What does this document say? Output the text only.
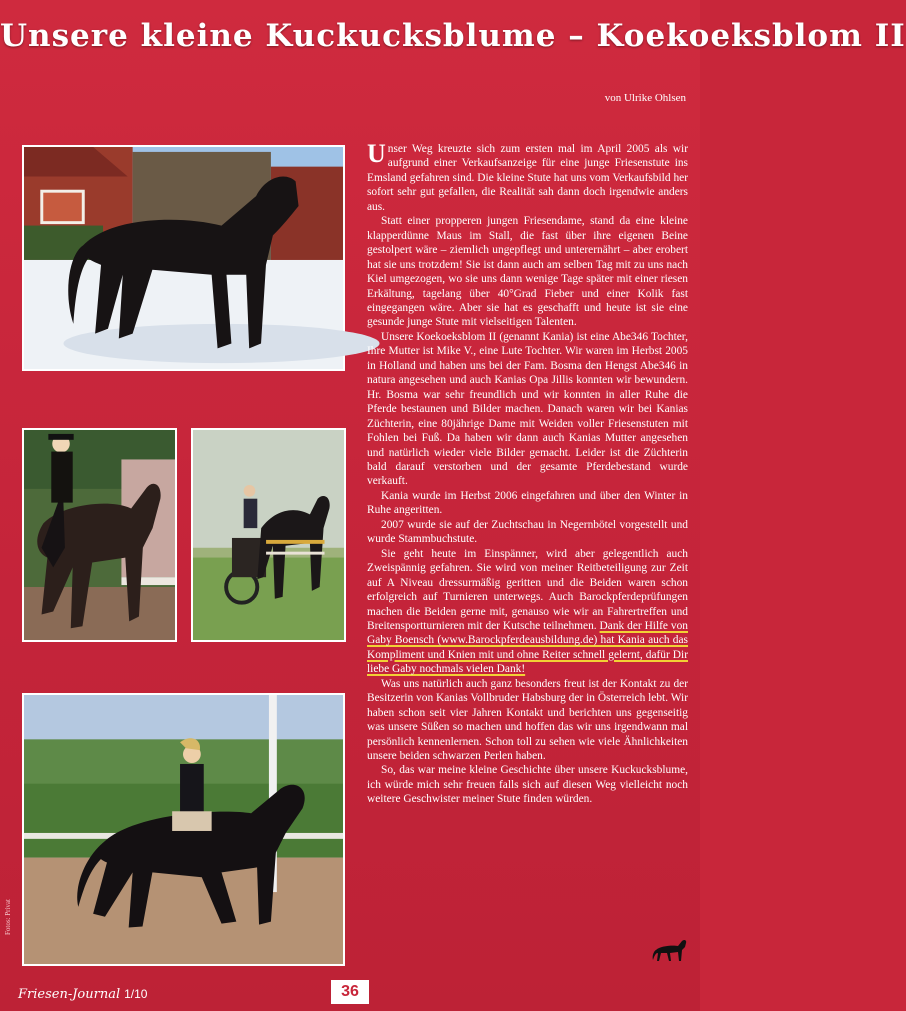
Unsere kleine Kuckucksblume – Koekoeksblom II
von Ulrike Ohlsen
Fotos: Privat

Unser Weg kreuzte sich zum ersten mal im April 2005 als wir aufgrund einer Verkaufsanzeige für eine junge Friesenstute ins Emsland gefahren sind. Die kleine Stute hat uns vom Verkaufsbild her sofort sehr gut gefallen, die Realität sah dann doch irgendwie anders aus.

Statt einer propperen jungen Friesendame, stand da eine kleine klapperdünne Maus im Stall, die fast über ihre eigenen Beine gestolpert wäre – ziemlich ungepflegt und unterernährt – aber erobert hat sie uns trotzdem! Sie ist dann auch am selben Tag mit zu uns nach Kiel umgezogen, wo sie uns dann wenige Tage später mit einer riesen Erkältung, tagelang über 40°Grad Fieber und einer Kolik fast eingegangen wäre. Aber sie hat es geschafft und heute ist sie eine gesunde junge Stute mit vielseitigen Talenten.

Unsere Koekoeksblom II (genannt Kania) ist eine Abe346 Tochter, Ihre Mutter ist Mike V., eine Lute Tochter. Wir waren im Herbst 2005 in Holland und haben uns bei der Fam. Bosma den Hengst Abe346 in natura angesehen und auch Kanias Opa Jillis konnten wir bewundern. Hr. Bosma war sehr freundlich und wir konnten in aller Ruhe die Pferde bestaunen und Bilder machen. Danach waren wir bei Kanias Züchterin, eine 80jährige Dame mit Weiden voller Friesenstuten mit Fohlen bei Fuß. Da haben wir dann auch Kanias Mutter angesehen und natürlich wieder viele Bilder gemacht. Leider ist die Züchterin bald darauf verstorben und der gesamte Pferdebestand wurde verkauft.

Kania wurde im Herbst 2006 eingefahren und über den Winter in Ruhe angeritten.

2007 wurde sie auf der Zuchtschau in Negernbötel vorgestellt und wurde Stammbuchstute.

Sie geht heute im Einspänner, wird aber gelegentlich auch Zweispännig gefahren. Sie wird von meiner Reitbeteiligung zur Zeit auf A Niveau dressurmäßig geritten und die Beiden waren schon erfolgreich auf Turnieren unterwegs. Auch Barockpferdeprüfungen machen die Beiden gerne mit, genauso wie wir an Fahrertreffen und Breitensportturnieren mit der Kutsche teilnehmen. Dank der Hilfe von Gaby Boensch (www.Barockpferdeausbildung.de) hat Kania auch das Kompliment und Knien mit und ohne Reiter schnell gelernt, dafür Dir liebe Gaby nochmals vielen Dank!

Was uns natürlich auch ganz besonders freut ist der Kontakt zu der Besitzerin von Kanias Vollbruder Habsburg der in Österreich lebt. Wir haben schon seit vier Jahren Kontakt und berichten uns gegenseitig was unsere Süßen so machen und hoffen das wir uns irgendwann mal persönlich kennenlernen. Schon toll zu sehen wie viele Ähnlichkeiten unsere beiden schwarzen Perlen haben.

So, das war meine kleine Geschichte über unsere Kuckucksblume, ich würde mich sehr freuen falls sich auf diesen Weg vielleicht noch weitere Geschwister meiner Stute finden würden.

Friesen-Journal 1/10	36
